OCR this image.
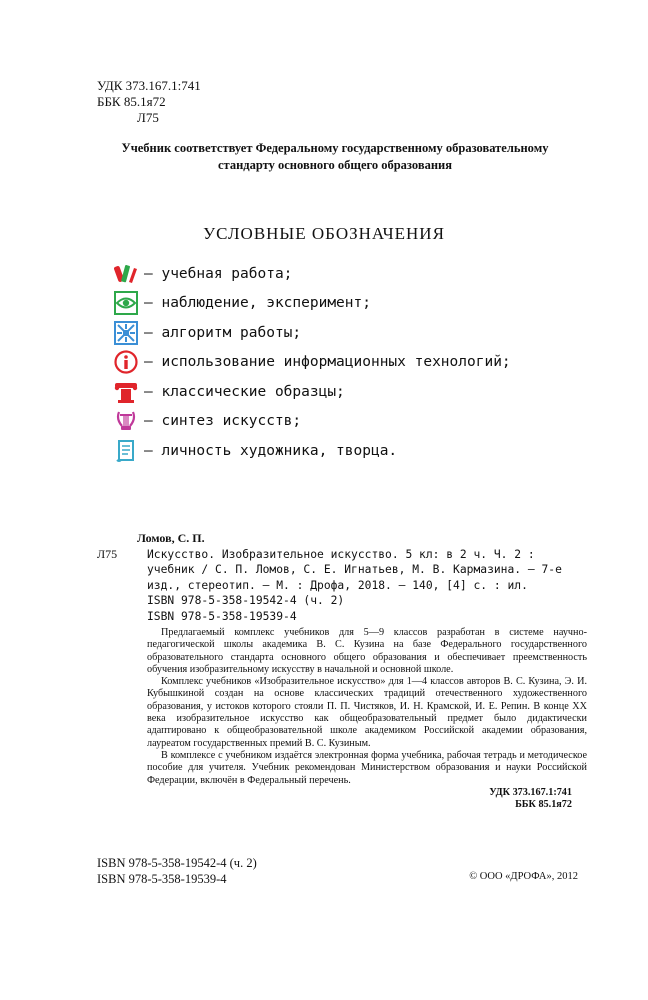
УДК 373.167.1:741
ББК 85.1я72
Л75
Учебник соответствует Федеральному государственному образовательному стандарту основного общего образования
УСЛОВНЫЕ ОБОЗНАЧЕНИЯ
— учебная работа;
— наблюдение, эксперимент;
— алгоритм работы;
— использование информационных технологий;
— классические образцы;
— синтез искусств;
— личность художника, творца.
Ломов, С. П.
Л75	Искусство. Изобразительное искусство. 5 кл: в 2 ч. Ч. 2 : учебник / С. П. Ломов, С. Е. Игнатьев, М. В. Кармазина. — 7-е изд., стереотип. — М. : Дрофа, 2018. — 140, [4] с. : ил.
ISBN 978-5-358-19542-4 (ч. 2)
ISBN 978-5-358-19539-4

Предлагаемый комплекс учебников для 5—9 классов разработан в системе научно-педагогической школы академика В. С. Кузина на базе Федерального государственного образовательного стандарта основного общего образования и обеспечивает преемственность обучения изобразительному искусству в начальной и основной школе.

Комплекс учебников «Изобразительное искусство» для 1—4 классов авторов В. С. Кузина, Э. И. Кубышкиной создан на основе классических традиций отечественного художественного образования, у истоков которого стояли П. П. Чистяков, И. Н. Крамской, И. Е. Репин. В конце XX века изобразительное искусство как общеобразовательный предмет было дидактически адаптировано к общеобразовательной школе академиком Российской академии образования, лауреатом государственных премий В. С. Кузиным.

В комплексе с учебником издаётся электронная форма учебника, рабочая тетрадь и методическое пособие для учителя. Учебник рекомендован Министерством образования и науки Российской Федерации, включён в Федеральный перечень.

УДК 373.167.1:741
ББК 85.1я72
ISBN 978-5-358-19542-4 (ч. 2)
ISBN 978-5-358-19539-4	© ООО «ДРОФА», 2012
